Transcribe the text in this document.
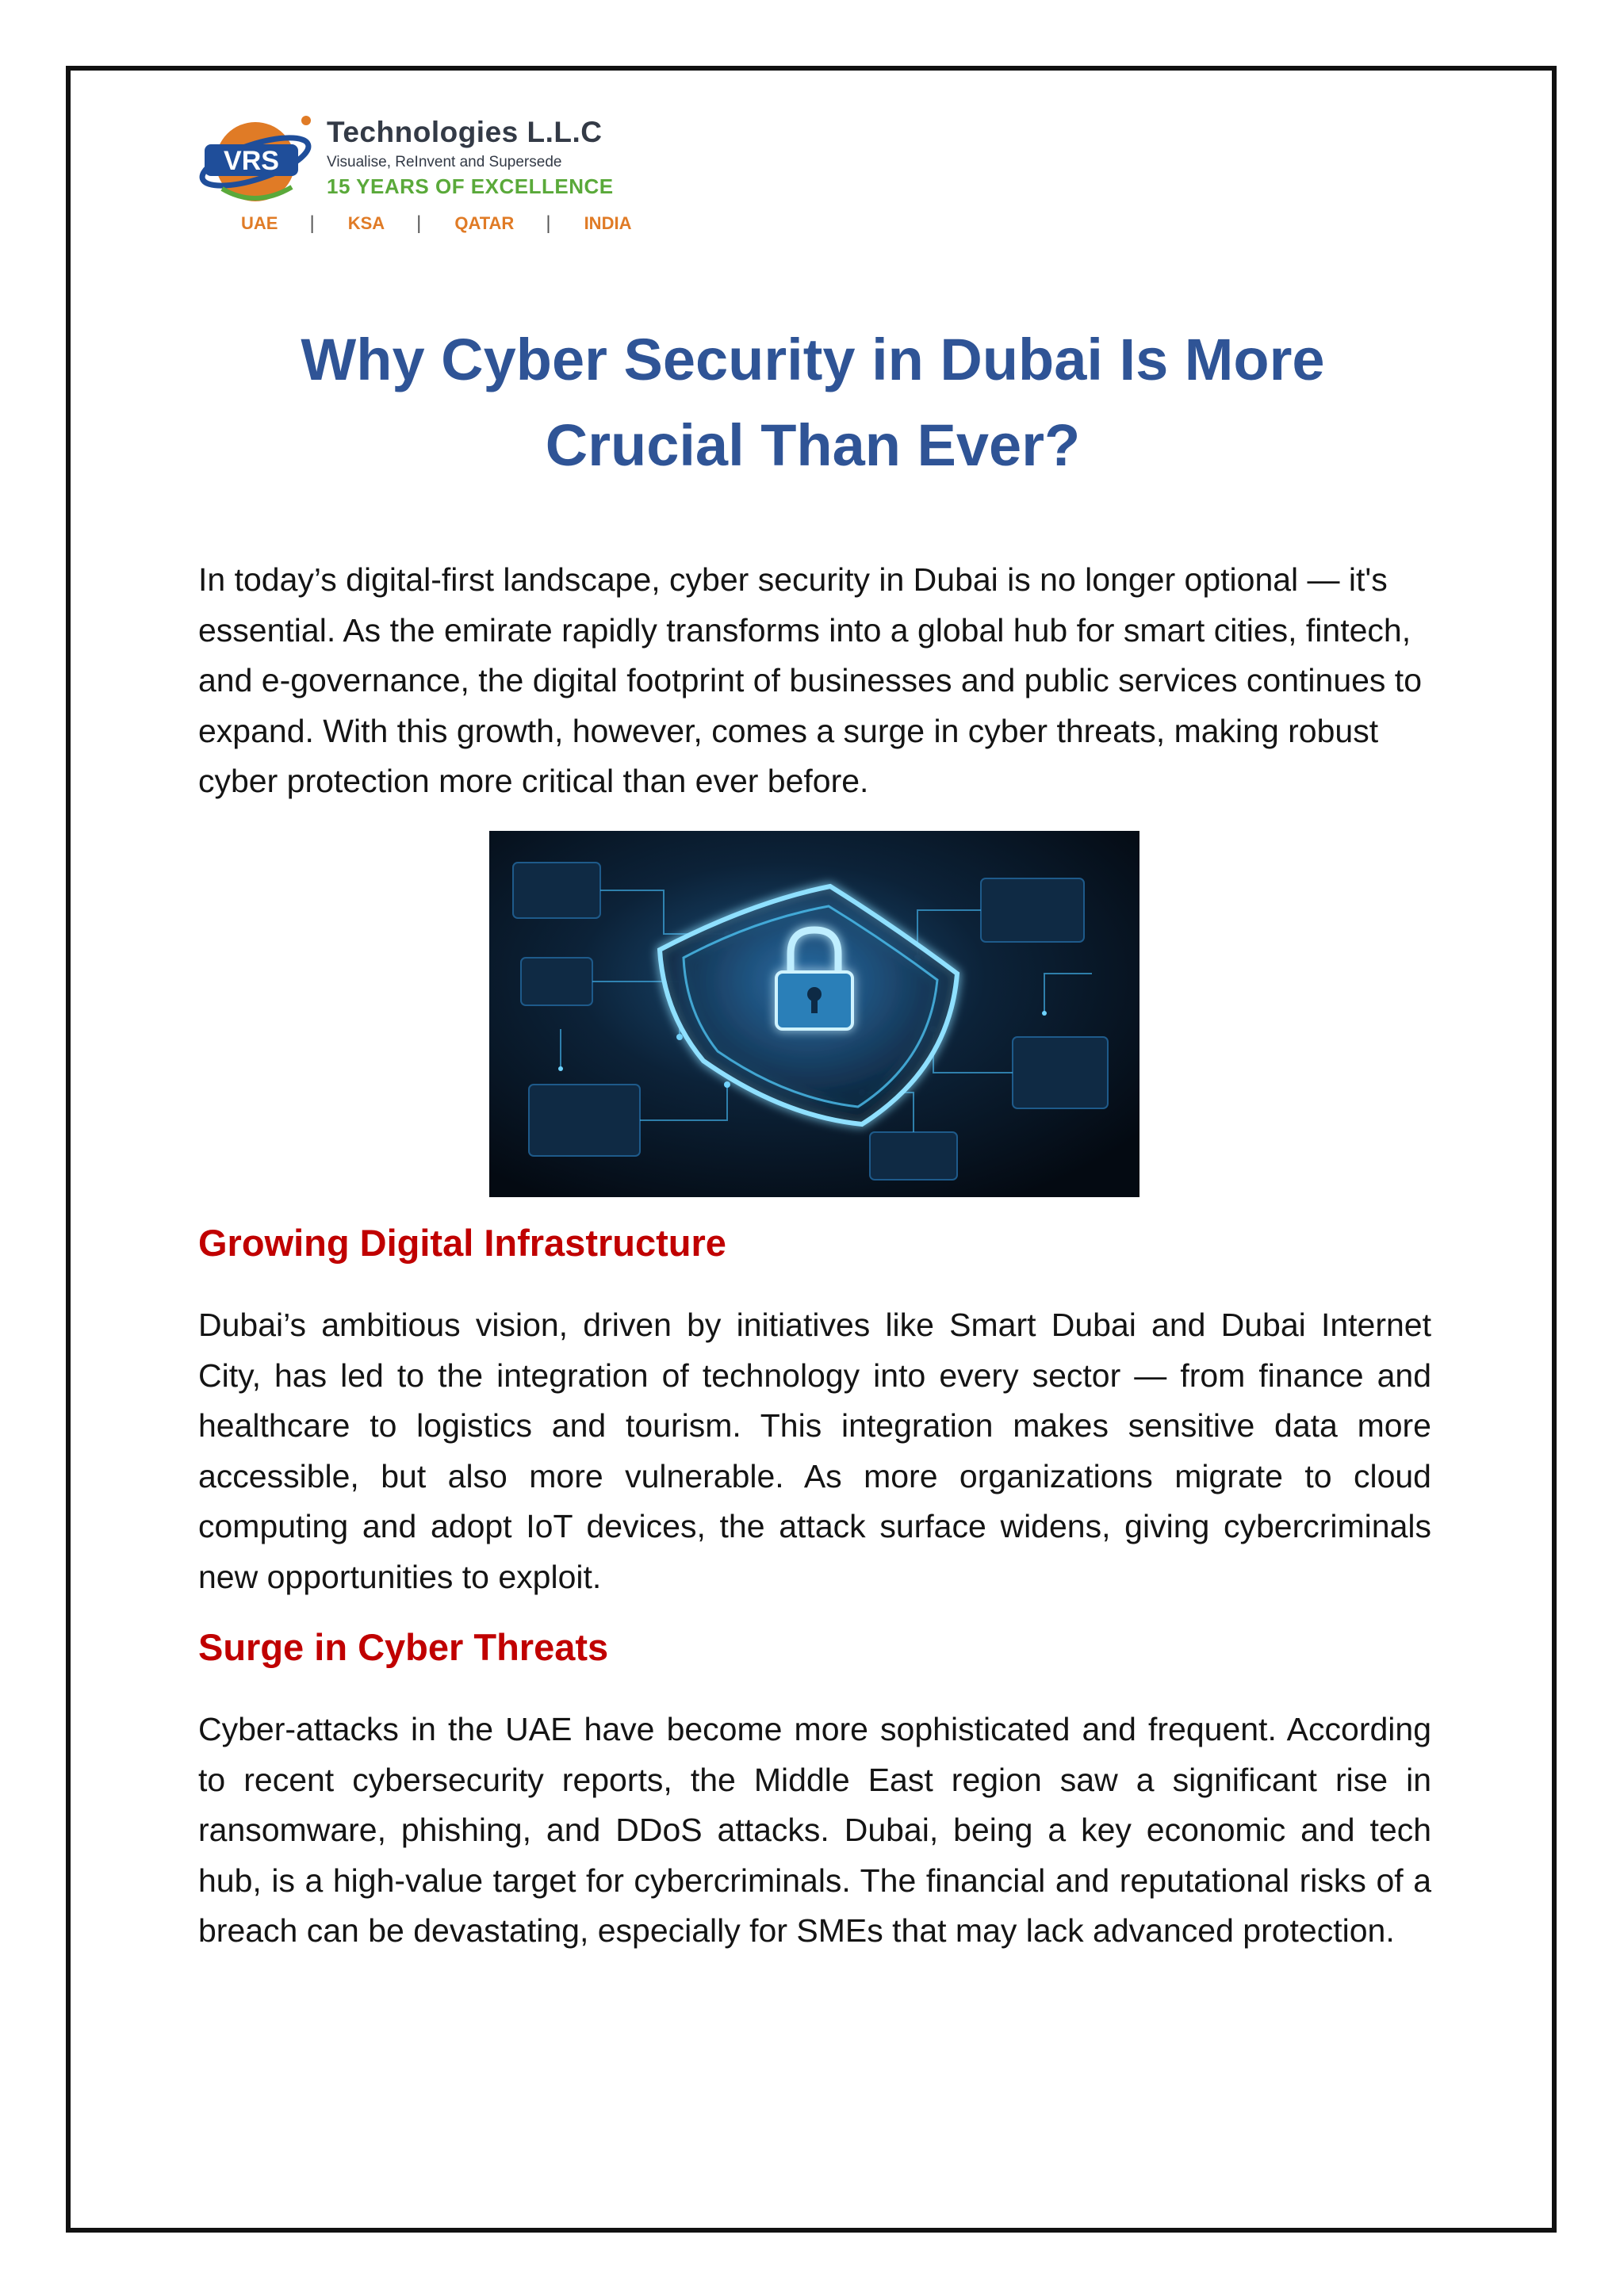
VRS
Technologies L.L.C
Visualise, ReInvent and Supersede
15 YEARS OF EXCELLENCE
UAE | KSA | QATAR | INDIA
Why Cyber Security in Dubai Is More Crucial Than Ever?

In today’s digital-first landscape, cyber security in Dubai is no longer optional — it's essential. As the emirate rapidly transforms into a global hub for smart cities, fintech, and e-governance, the digital footprint of businesses and public services continues to expand. With this growth, however, comes a surge in cyber threats, making robust cyber protection more critical than ever before.

Growing Digital Infrastructure

Dubai’s ambitious vision, driven by initiatives like Smart Dubai and Dubai Internet City, has led to the integration of technology into every sector — from finance and healthcare to logistics and tourism. This integration makes sensitive data more accessible, but also more vulnerable. As more organizations migrate to cloud computing and adopt IoT devices, the attack surface widens, giving cybercriminals new opportunities to exploit.

Surge in Cyber Threats

Cyber-attacks in the UAE have become more sophisticated and frequent. According to recent cybersecurity reports, the Middle East region saw a significant rise in ransomware, phishing, and DDoS attacks. Dubai, being a key economic and tech hub, is a high-value target for cybercriminals. The financial and reputational risks of a breach can be devastating, especially for SMEs that may lack advanced protection.
